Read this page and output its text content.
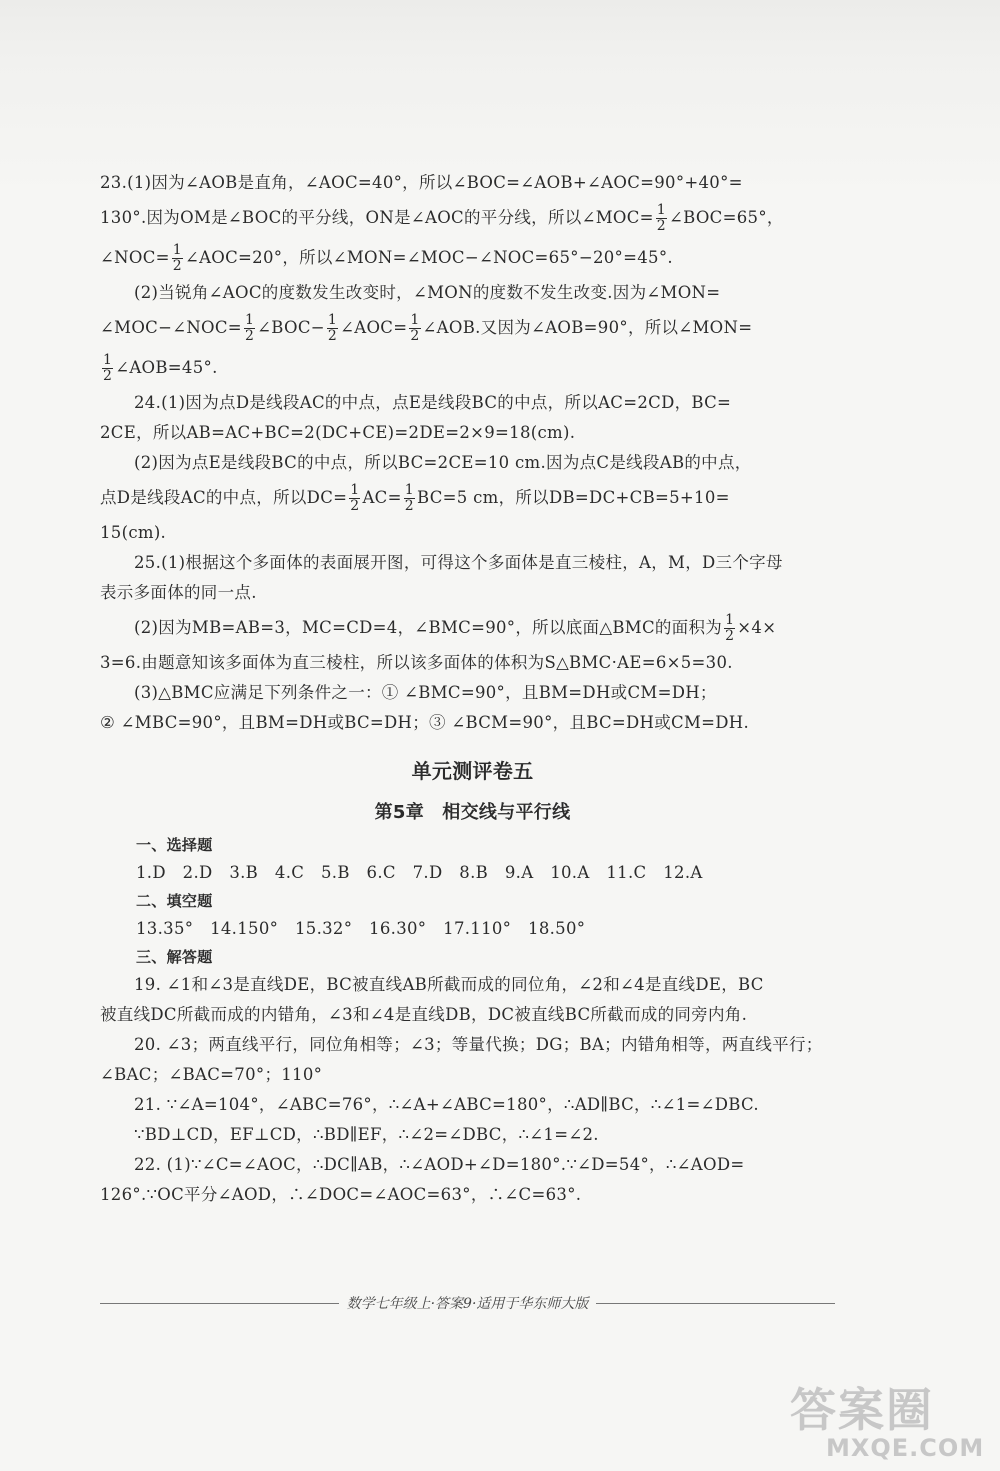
23.(1)因为∠AOB是直角，∠AOC=40°，所以∠BOC=∠AOB+∠AOC=90°+40°=
130°.因为OM是∠BOC的平分线，ON是∠AOC的平分线，所以∠MOC= $\frac{1}{2}$ ∠BOC=65°，
∠NOC= $\frac{1}{2}$ ∠AOC=20°，所以∠MON=∠MOC−∠NOC=65°−20°=45°.
(2)当锐角∠AOC的度数发生改变时，∠MON的度数不发生改变.因为∠MON=
∠MOC−∠NOC= $\frac{1}{2}$ ∠BOC− $\frac{1}{2}$ ∠AOC= $\frac{1}{2}$ ∠AOB.又因为∠AOB=90°，所以∠MON=
$\frac{1}{2}$ ∠AOB=45°.
24.(1)因为点D是线段AC的中点，点E是线段BC的中点，所以AC=2CD，BC=
2CE，所以AB=AC+BC=2(DC+CE)=2DE=2×9=18(cm).
(2)因为点E是线段BC的中点，所以BC=2CE=10 cm.因为点C是线段AB的中点，
点D是线段AC的中点，所以$DC= \frac{1}{2} AC= \frac{1}{2} BC=5$ cm，所以DB=DC+CB=5+10=
15(cm).
25.(1)根据这个多面体的表面展开图，可得这个多面体是直三棱柱，A，M，D三个字母
表示多面体的同一点.
(2)因为MB=AB=3，MC=CD=4，∠BMC=90°，所以底面△BMC的面积为 $\frac{1}{2} \times 4\times$
3=6.由题意知该多面体为直三棱柱，所以该多面体的体积为S△BMC·AE=6×5=30.
(3)△BMC应满足下列条件之一：① ∠BMC=90°，且BM=DH或CM=DH；
② ∠MBC=90°，且BM=DH或BC=DH；③ ∠BCM=90°，且BC=DH或CM=DH.
单元测评卷五
第5章　相交线与平行线
一、选择题
1.D　2.D　3.B　4.C　5.B　6.C　7.D　8.B　9.A　10.A　11.C　12.A
二、填空题
13.35°　14.150°　15.32°　16.30°　17.110°　18.50°
三、解答题
19. ∠1和∠3是直线DE，BC被直线AB所截而成的同位角，∠2和∠4是直线DE，BC
被直线DC所截而成的内错角，∠3和∠4是直线DB，DC被直线BC所截而成的同旁内角.
20. ∠3；两直线平行，同位角相等；∠3；等量代换；DG；BA；内错角相等，两直线平行；
∠BAC；∠BAC=70°；110°
21. ∵∠A=104°，∠ABC=76°，∴∠A+∠ABC=180°，∴AD∥BC，∴∠1=∠DBC.
∵BD⊥CD，EF⊥CD，∴BD∥EF，∴∠2=∠DBC，∴∠1=∠2.
22. (1)∵∠C=∠AOC，∴DC∥AB，∴∠AOD+∠D=180°.∵∠D=54°，∴∠AOD=
126°.∵OC平分∠AOD，∴∠DOC=∠AOC=63°，∴∠C=63°.
数学七年级上·答案9·适用于华东师大版
答案圈
MXQE.COM
